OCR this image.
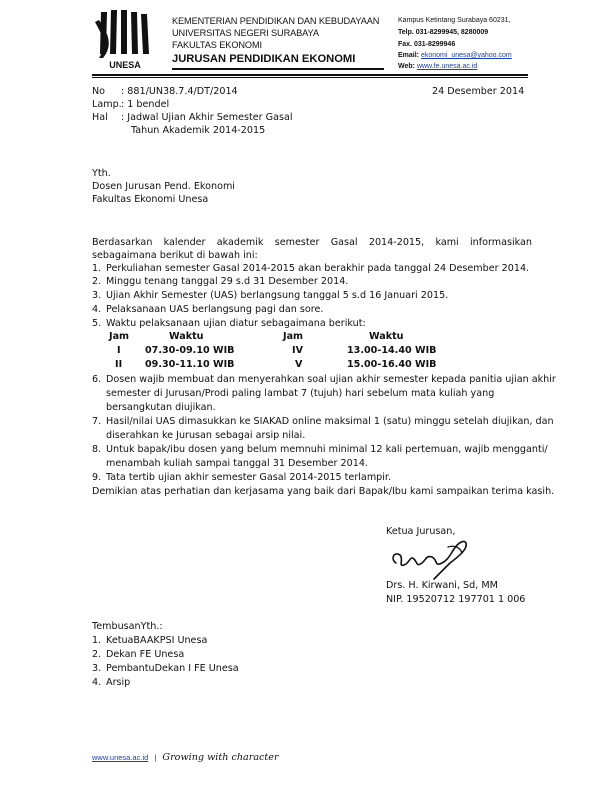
UNESA
KEMENTERIAN PENDIDIKAN DAN KEBUDAYAAN
UNIVERSITAS NEGERI SURABAYA
FAKULTAS EKONOMI
JURUSAN PENDIDIKAN EKONOMI
Kampus Ketintang Surabaya 60231,
Telp. 031-8299945, 8280009
Fax. 031-8299946
Email: ekonomi_unesa@yahoo.com
Web: www.fe.unesa.ac.id
No : 881/UN38.7.4/DT/2014	24 Desember 2014
Lamp. : 1 bendel
Hal : Jadwal Ujian Akhir Semester Gasal
Tahun Akademik 2014-2015
Yth.
Dosen Jurusan Pend. Ekonomi
Fakultas Ekonomi Unesa
Berdasarkan kalender akademik semester Gasal 2014-2015, kami informasikan sebagaimana berikut di bawah ini:
1. Perkuliahan semester Gasal 2014-2015 akan berakhir pada tanggal 24 Desember 2014.
2. Minggu tenang tanggal 29 s.d 31 Desember 2014.
3. Ujian Akhir Semester (UAS) berlangsung tanggal 5 s.d 16 Januari 2015.
4. Pelaksanaan UAS berlangsung pagi dan sore.
5. Waktu pelaksanaan ujian diatur sebagaimana berikut:
Jam	Waktu	Jam	Waktu
I	07.30-09.10 WIB	IV	13.00-14.40 WIB
II 09.30-11.10 WIB	V	15.00-16.40 WIB
6. Dosen wajib membuat dan menyerahkan soal ujian akhir semester kepada panitia ujian akhir
semester di Jurusan/Prodi paling lambat 7 (tujuh) hari sebelum mata kuliah yang
bersangkutan diujikan.
7. Hasil/nilai UAS dimasukkan ke SIAKAD online maksimal 1 (satu) minggu setelah diujikan, dan
diserahkan ke Jurusan sebagai arsip nilai.
8. Untuk bapak/ibu dosen yang belum memnuhi minimal 12 kali pertemuan, wajib mengganti/
menambah kuliah sampai tanggal 31 Desember 2014.
9. Tata tertib ujian akhir semester Gasal 2014-2015 terlampir.
Demikian atas perhatian dan kerjasama yang baik dari Bapak/Ibu kami sampaikan terima kasih.
Ketua Jurusan,
Drs. H. Kirwani, Sd, MM
NIP. 19520712 197701 1 006
TembusanYth.:
1. KetuaBAAKPSI Unesa
2. Dekan FE Unesa
3. PembantuDekan I FE Unesa
4. Arsip
www.unesa.ac.id | Growing with character
